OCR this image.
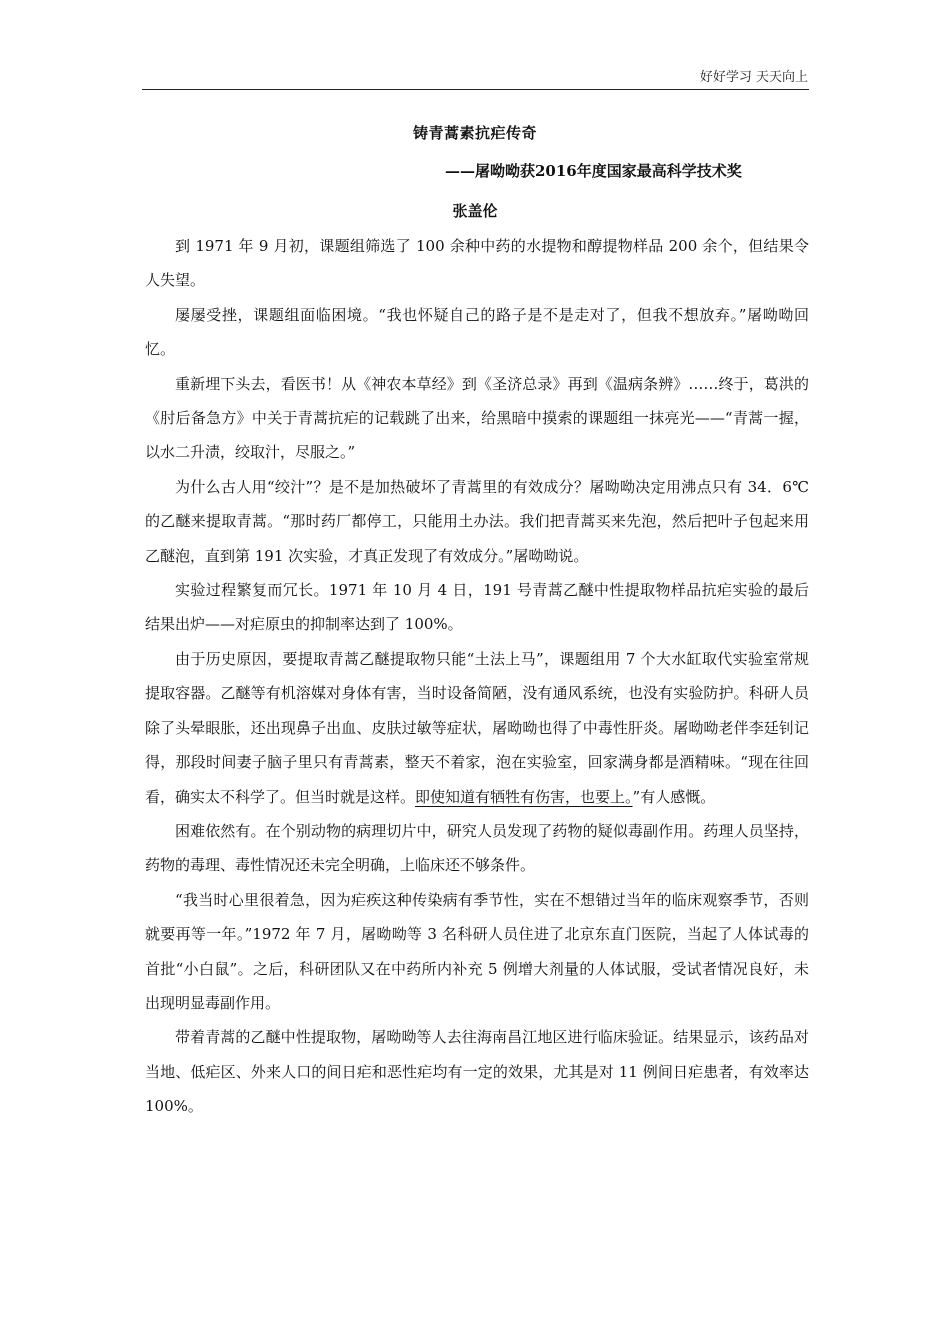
好好学习 天天向上
铸青蒿素抗疟传奇
——屠呦呦获2016年度国家最高科学技术奖
张盖伦

到 1971 年 9 月初，课题组筛选了 100 余种中药的水提物和醇提物样品 200 余个，但结果令人失望。

屡屡受挫，课题组面临困境。“我也怀疑自己的路子是不是走对了，但我不想放弃。”屠呦呦回忆。

重新埋下头去，看医书！从《神农本草经》到《圣济总录》再到《温病条辨》……终于，葛洪的《肘后备急方》中关于青蒿抗疟的记载跳了出来，给黑暗中摸索的课题组一抹亮光——“青蒿一握，以水二升渍，绞取汁，尽服之。”

为什么古人用“绞汁”？是不是加热破坏了青蒿里的有效成分？屠呦呦决定用沸点只有 34．6℃的乙醚来提取青蒿。“那时药厂都停工，只能用土办法。我们把青蒿买来先泡，然后把叶子包起来用乙醚泡，直到第 191 次实验，才真正发现了有效成分。”屠呦呦说。

实验过程繁复而冗长。1971 年 10 月 4 日，191 号青蒿乙醚中性提取物样品抗疟实验的最后结果出炉——对疟原虫的抑制率达到了 100%。

由于历史原因，要提取青蒿乙醚提取物只能“土法上马”，课题组用 7 个大水缸取代实验室常规提取容器。乙醚等有机溶媒对身体有害，当时设备简陋，没有通风系统，也没有实验防护。科研人员除了头晕眼胀，还出现鼻子出血、皮肤过敏等症状，屠呦呦也得了中毒性肝炎。屠呦呦老伴李廷钊记得，那段时间妻子脑子里只有青蒿素，整天不着家，泡在实验室，回家满身都是酒精味。“现在往回看，确实太不科学了。但当时就是这样。即使知道有牺牲有伤害，也要上。”有人感慨。

困难依然有。在个别动物的病理切片中，研究人员发现了药物的疑似毒副作用。药理人员坚持，药物的毒理、毒性情况还未完全明确，上临床还不够条件。

“我当时心里很着急，因为疟疾这种传染病有季节性，实在不想错过当年的临床观察季节，否则就要再等一年。”1972 年 7 月，屠呦呦等 3 名科研人员住进了北京东直门医院，当起了人体试毒的首批“小白鼠”。之后，科研团队又在中药所内补充 5 例增大剂量的人体试服，受试者情况良好，未出现明显毒副作用。

带着青蒿的乙醚中性提取物，屠呦呦等人去往海南昌江地区进行临床验证。结果显示，该药品对当地、低疟区、外来人口的间日疟和恶性疟均有一定的效果，尤其是对 11 例间日疟患者，有效率达 100%。
